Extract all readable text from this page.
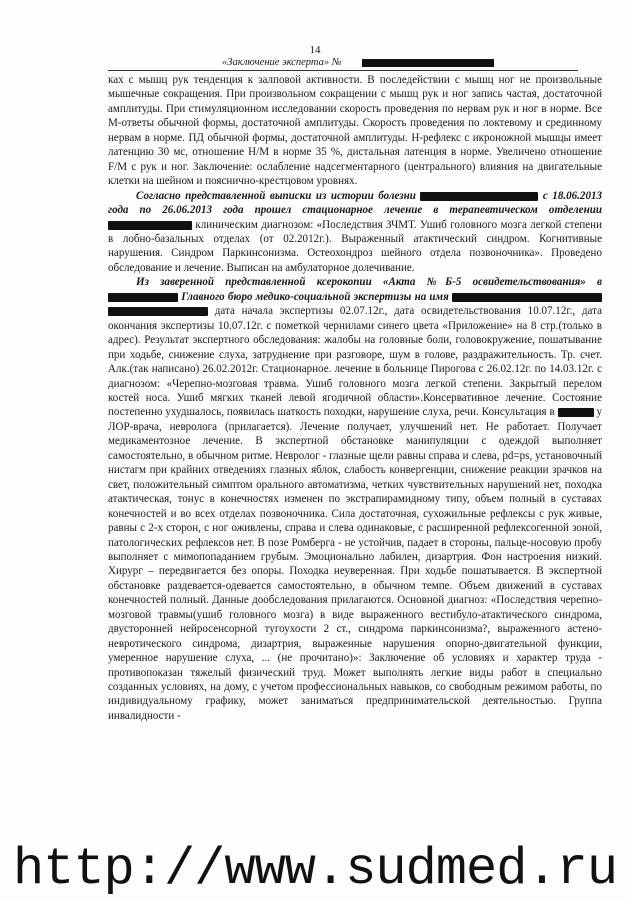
14
«Заключение эксперта» №

ках с мышц рук тенденция к залповой активности. В последействии с мышц ног не произвольные мышечные сокращения. При произвольном сокращении с мышц рук и ног запись частая, достаточной амплитуды. При стимуляционном исследовании скорость проведения по нервам рук и ног в норме. Все М-ответы обычной формы, достаточной амплитуды. Скорость проведения по локтевому и срединному нервам в норме. ПД обычной формы, достаточной амплитуды. Н-рефлекс с икроножной мышцы имеет латенцию 30 мс, отношение Н/М в норме 35 %, дистальная латенция в норме. Увеличено отношение F/M с рук и ног. Заключение: ослабление надсегментарного (центрального) влияния на двигательные клетки на шейном и пояснично-крестцовом уровнях.

Согласно представленной выписки из истории болезни	с 18.06.2013 года по 26.06.2013 года прошел стационарное лечение в терапевтическом отделении  клиническим диагнозом: «Последствия ЗЧМТ. Ушиб головного мозга легкой степени в лобно-базальных отделах (от 02.2012г.). Выраженный атактический синдром. Когнитивные нарушения. Синдром Паркинсонизма. Остеохондроз шейного отдела позвоночника». Проведено обследование и лечение. Выписан на амбулаторное долечивание.

Из заверенной представленной ксерокопии «Акта №Б-5 освидетельствования» в  Главного бюро медико-социальной экспертизы на имя   дата начала экспертизы 02.07.12г., дата освидетельствования 10.07.12г., дата окончания экспертизы 10.07.12г. с пометкой чернилами синего цвета «Приложение» на 8 стр.(только в адрес). Результат экспертного обследования: жалобы на головные боли, головокружение, пошатывание при ходьбе, снижение слуха, затруднение при разговоре, шум в голове, раздражительность. Тр. счет. Алк.(так написано) 26.02.2012г. Стационарное. лечение в больнице Пирогова с 26.02.12г. по 14.03.12г. с диагнозом: «Черепно-мозговая травма. Ушиб головного мозга легкой степени. Закрытый перелом костей носа. Ушиб мягких тканей левой ягодичной области».Консервативное лечение. Состояние постепенно ухудшалось, появилась шаткость походки, нарушение слуха, речи. Консультация в	у ЛОР-врача, невролога (прилагается). Лечение получает, улучшений нет. Не работает. Получает медикаментозное лечение. В экспертной обстановке манипуляции с одеждой выполняет самостоятельно, в обычном ритме. Невролог - глазные щели равны справа и слева, pd=ps, установочный нистагм при крайних отведениях глазных яблок, слабость конвергенции, снижение реакции зрачков на свет, положительный симптом орального автоматизма, четких чувствительных нарушений нет, походка атактическая, тонус в конечностях изменен по экстрапирамидному типу, объем полный в суставах конечностей и во всех отделах позвоночника. Сила достаточная, сухожильные рефлексы с рук живые, равны с 2-х сторон, с ног оживлены, справа и слева одинаковые, с расширенной рефлексогенной зоной, патологических рефлексов нет. В позе Ромберга - не устойчив, падает в стороны, пальце-носовую пробу выполняет с мимопопаданием грубым. Эмоционально лабилен, дизартрия. Фон настроения низкий. Хирург – передвигается без опоры. Походка неуверенная. При ходьбе пошатывается. В экспертной обстановке раздевается-одевается самостоятельно, в обычном темпе. Объем движений в суставах конечностей полный. Данные дообследования прилагаются. Основной диагноз: «Последствия черепно-мозговой травмы(ушиб головного мозга) в виде выраженного вестибуло-атактического синдрома, двусторонней нейросенсорной тугоухости 2 ст., синдрома паркинсонизма?, выраженного астено-невротического синдрома, дизартрия, выраженные нарушения опорно-двигательной функции, умеренное нарушение слуха, ... (не прочитано)»: Заключение об условиях и характер труда - противопоказан тяжелый физический труд. Может выполнять легкие виды работ в специально созданных условиях, на дому, с учетом профессиональных навыков, со свободным режимом работы, по индивидуальному графику, может заниматься предпринимательской деятельностью. Группа инвалидности -

http://www.sudmed.ru
